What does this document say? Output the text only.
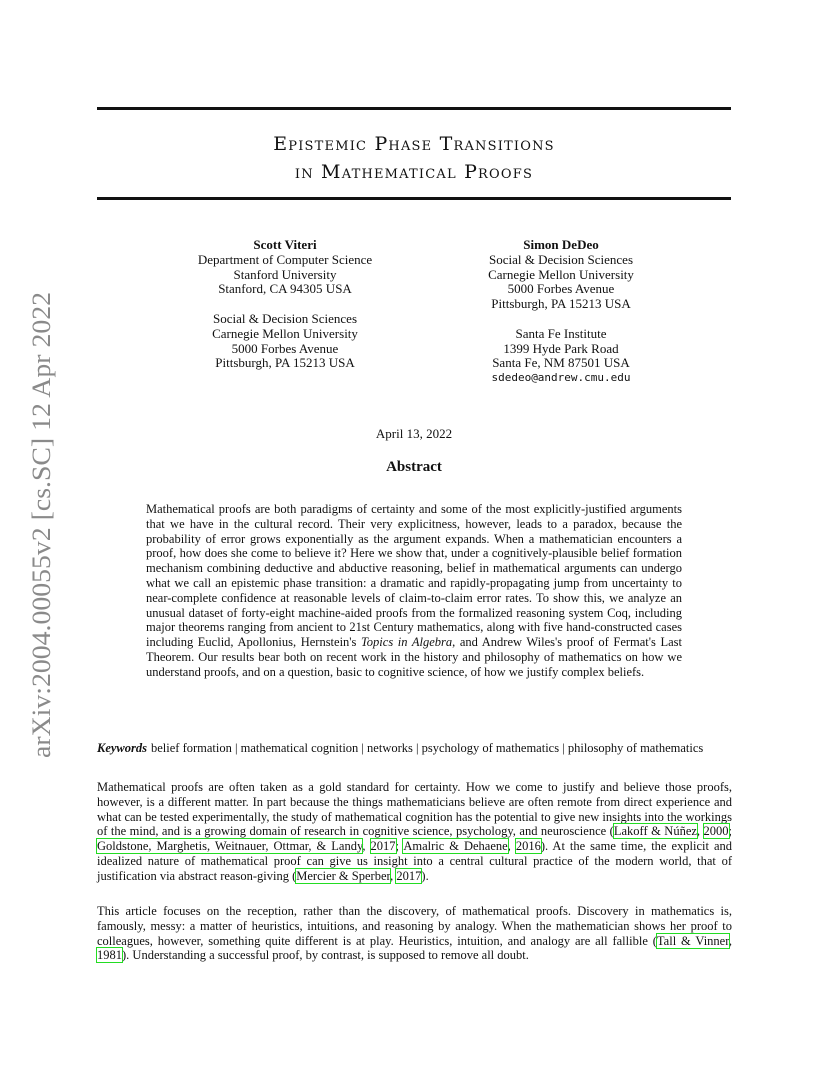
arXiv:2004.00055v2 [cs.SC] 12 Apr 2022
Epistemic Phase Transitions
in Mathematical Proofs
Scott Viteri
Department of Computer Science
Stanford University
Stanford, CA 94305 USA
Social & Decision Sciences
Carnegie Mellon University
5000 Forbes Avenue
Pittsburgh, PA 15213 USA
Simon DeDeo
Social & Decision Sciences
Carnegie Mellon University
5000 Forbes Avenue
Pittsburgh, PA 15213 USA
Santa Fe Institute
1399 Hyde Park Road
Santa Fe, NM 87501 USA
sdedeo@andrew.cmu.edu
April 13, 2022
Abstract
Mathematical proofs are both paradigms of certainty and some of the most explicitly-justified arguments that we have in the cultural record. Their very explicitness, however, leads to a paradox, because the probability of error grows exponentially as the argument expands. When a mathematician encounters a proof, how does she come to believe it? Here we show that, under a cognitively-plausible belief formation mechanism combining deductive and abductive reasoning, belief in mathematical arguments can undergo what we call an epistemic phase transition: a dramatic and rapidly-propagating jump from uncertainty to near-complete confidence at reasonable levels of claim-to-claim error rates. To show this, we analyze an unusual dataset of forty-eight machine-aided proofs from the formalized reasoning system Coq, including major theorems ranging from ancient to 21st Century mathematics, along with five hand-constructed cases including Euclid, Apollonius, Hernstein's Topics in Algebra, and Andrew Wiles's proof of Fermat's Last Theorem. Our results bear both on recent work in the history and philosophy of mathematics on how we understand proofs, and on a question, basic to cognitive science, of how we justify complex beliefs.
Keywords belief formation | mathematical cognition | networks | psychology of mathematics | philosophy of mathematics
Mathematical proofs are often taken as a gold standard for certainty. How we come to justify and believe those proofs, however, is a different matter. In part because the things mathematicians believe are often remote from direct experience and what can be tested experimentally, the study of mathematical cognition has the potential to give new insights into the workings of the mind, and is a growing domain of research in cognitive science, psychology, and neuroscience (Lakoff & Núñez, 2000; Goldstone, Marghetis, Weitnauer, Ottmar, & Landy, 2017; Amalric & Dehaene, 2016). At the same time, the explicit and idealized nature of mathematical proof can give us insight into a central cultural practice of the modern world, that of justification via abstract reason-giving (Mercier & Sperber, 2017).
This article focuses on the reception, rather than the discovery, of mathematical proofs. Discovery in mathematics is, famously, messy: a matter of heuristics, intuitions, and reasoning by analogy. When the mathematician shows her proof to colleagues, however, something quite different is at play. Heuristics, intuition, and analogy are all fallible (Tall & Vinner, 1981). Understanding a successful proof, by contrast, is supposed to remove all doubt.
